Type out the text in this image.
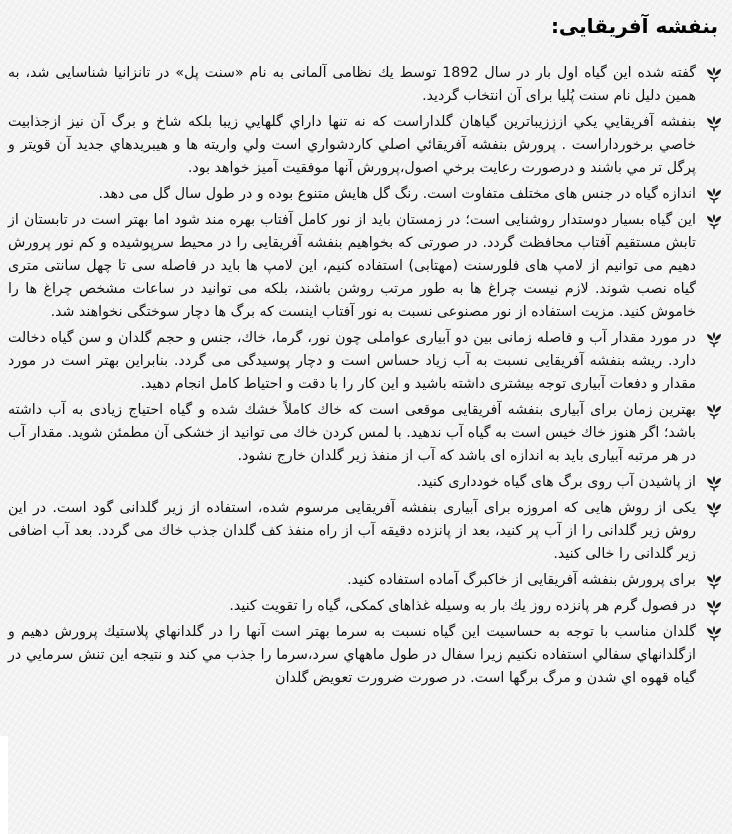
بنفشه آفریقایی:
گفته شده این گیاه اول بار در سال 1892 توسط یك نظامی آلمانی به نام «سنت پل» در تانزانیا شناسایی شد، به همین دلیل نام سنت پُلیا برای آن انتخاب گردید.
بنفشه آفریقايي يكي ازززيباترين گياهان گلداراست كه نه تنها داراي گلهايي زيبا بلكه شاخ و برگ آن نيز ازجذابيت خاصي برخورداراست . پرورش بنفشه آفريقائي اصلي كاردشواري است ولي واريته ها و هيبريدهاي جديد آن قويتر و پرگل تر مي باشند و درصورت رعايت برخي اصول،پرورش آنها موفقيت آميز خواهد بود.
اندازه گیاه در جنس های مختلف متفاوت است. رنگ گل هایش متنوع بوده و در طول سال گل می دهد.
این گیاه بسیار دوستدار روشنایی است؛ در زمستان باید از نور کامل آفتاب بهره مند شود اما بهتر است در تابستان از تابش مستقیم آفتاب محافظت گردد. در صورتی که بخواهیم بنفشه آفریقایی را در محیط سرپوشیده و کم نور پرورش دهیم می توانیم از لامپ های فلورسنت (مهتابی) استفاده کنیم، این لامپ ها باید در فاصله سی تا چهل سانتی متری گیاه نصب شوند. لازم نیست چراغ ها به طور مرتب روشن باشند، بلکه می توانید در ساعات مشخص چراغ ها را خاموش کنید. مزیت استفاده از نور مصنوعی نسبت به نور آفتاب اینست که برگ ها دچار سوختگی نخواهند شد.
در مورد مقدار آب و فاصله زمانی بین دو آبیاری عواملی چون نور، گرما، خاك، جنس و حجم گلدان و سن گیاه دخالت دارد. ریشه بنفشه آفریقایی نسبت به آب زیاد حساس است و دچار پوسیدگی می گردد. بنابراین بهتر است در مورد مقدار و دفعات آبیاری توجه بیشتری داشته باشید و این كار را با دقت و احتیاط كامل انجام دهید.
بهترین زمان برای آبیاری بنفشه آفریقایی موقعی است كه خاك كاملاً خشك شده و گیاه احتیاج زیادی به آب داشته باشد؛ اگر هنوز خاك خیس است به گیاه آب ندهید. با لمس كردن خاك می توانید از خشكی آن مطمئن شوید. مقدار آب در هر مرتبه آبیاری باید به اندازه ای باشد كه آب از منفذ زیر گلدان خارج نشود.
از پاشیدن آب روی برگ های گیاه خودداری كنید.
یكی از روش هایی كه امروزه برای آبیاری بنفشه آفریقایی مرسوم شده، استفاده از زیر گلدانی گود است. در این روش زیر گلدانی را از آب پر كنید، بعد از پانزده دقیقه آب از راه منفذ كف گلدان جذب خاك می گردد. بعد آب اضافی زیر گلدانی را خالی كنید.
برای پرورش بنفشه آفریقایی از خاكبرگ آماده استفاده كنید.
در فصول گرم هر پانزده روز یك بار به وسیله غذاهای كمكی، گیاه را تقویت كنید.
گلدان مناسب با توجه به حساسيت اين گياه نسبت به سرما بهتر است آنها را در گلدانهاي پلاستيك پرورش دهيم و ازگلدانهاي سفالي استفاده نكنيم زيرا سفال در طول ماههاي سرد،سرما را جذب مي كند و نتيجه اين تنش سرمايي در گياه قهوه اي شدن و مرگ برگها است. در صورت ضرورت تعويض گلدان
